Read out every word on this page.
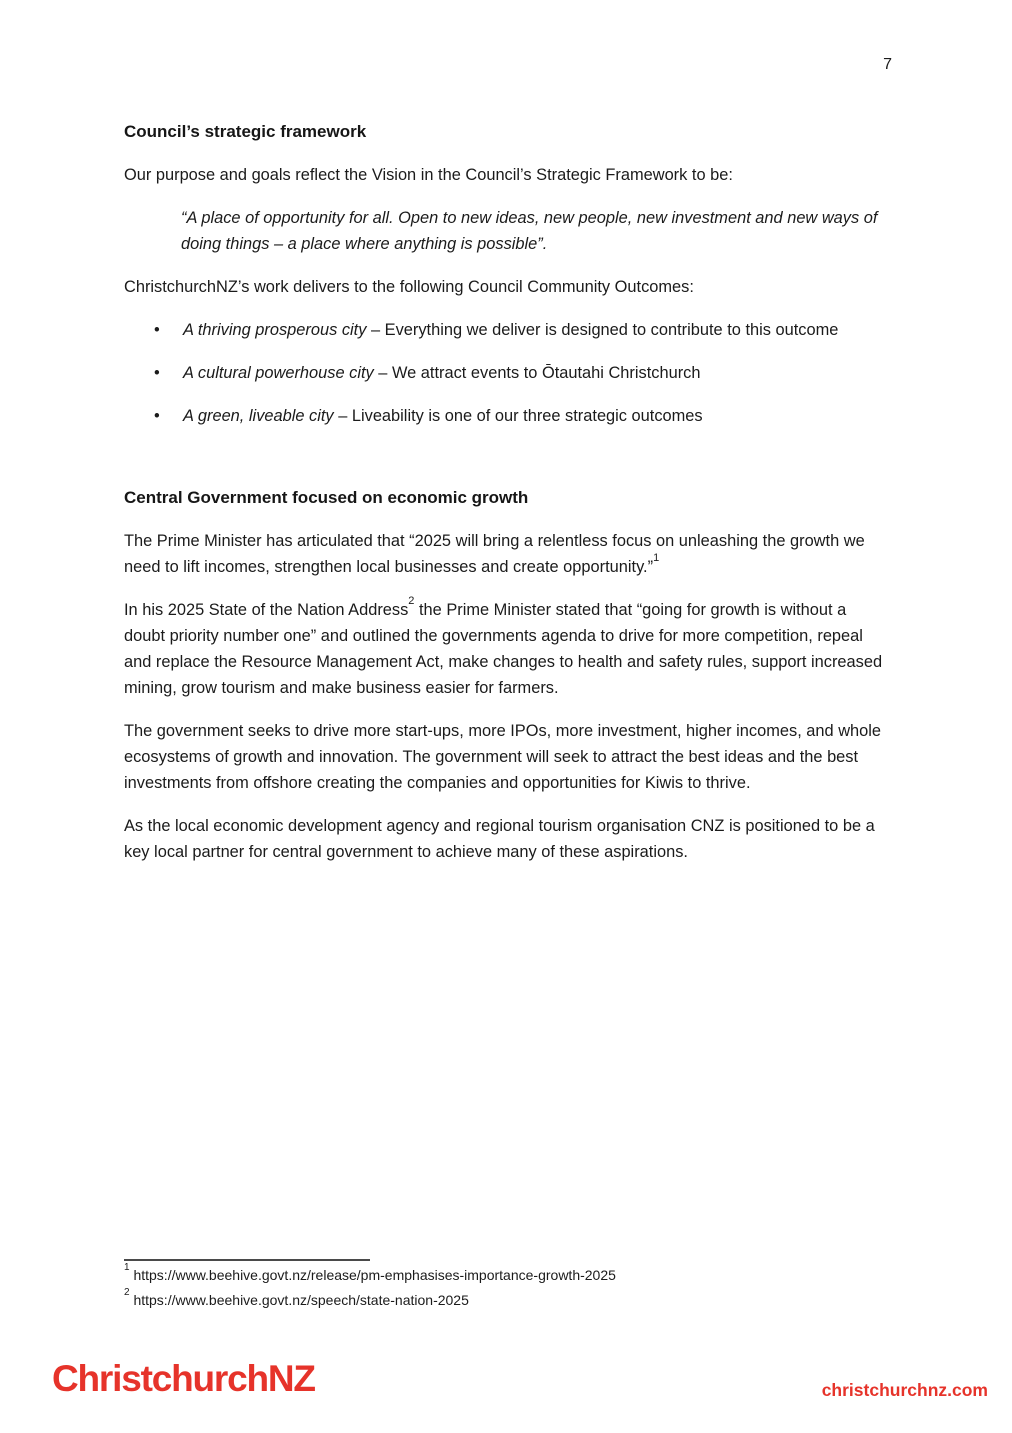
7
Council’s strategic framework

Our purpose and goals reflect the Vision in the Council’s Strategic Framework to be:

“A place of opportunity for all. Open to new ideas, new people, new investment and new ways of doing things – a place where anything is possible”.

ChristchurchNZ’s work delivers to the following Council Community Outcomes:

• A thriving prosperous city – Everything we deliver is designed to contribute to this outcome
• A cultural powerhouse city – We attract events to Ōtautahi Christchurch
• A green, liveable city – Liveability is one of our three strategic outcomes
Central Government focused on economic growth

The Prime Minister has articulated that “2025 will bring a relentless focus on unleashing the growth we need to lift incomes, strengthen local businesses and create opportunity.”$^1$

In his 2025 State of the Nation Address$^2$ the Prime Minister stated that “going for growth is without a doubt priority number one” and outlined the governments agenda to drive for more competition, repeal and replace the Resource Management Act, make changes to health and safety rules, support increased mining, grow tourism and make business easier for farmers.

The government seeks to drive more start-ups, more IPOs, more investment, higher incomes, and whole ecosystems of growth and innovation. The government will seek to attract the best ideas and the best investments from offshore creating the companies and opportunities for Kiwis to thrive.

As the local economic development agency and regional tourism organisation CNZ is positioned to be a key local partner for central government to achieve many of these aspirations.

$^1$ https://www.beehive.govt.nz/release/pm-emphasises-importance-growth-2025
$^2$ https://www.beehive.govt.nz/speech/state-nation-2025
ChristchurchNZ	christchurchnz.com
